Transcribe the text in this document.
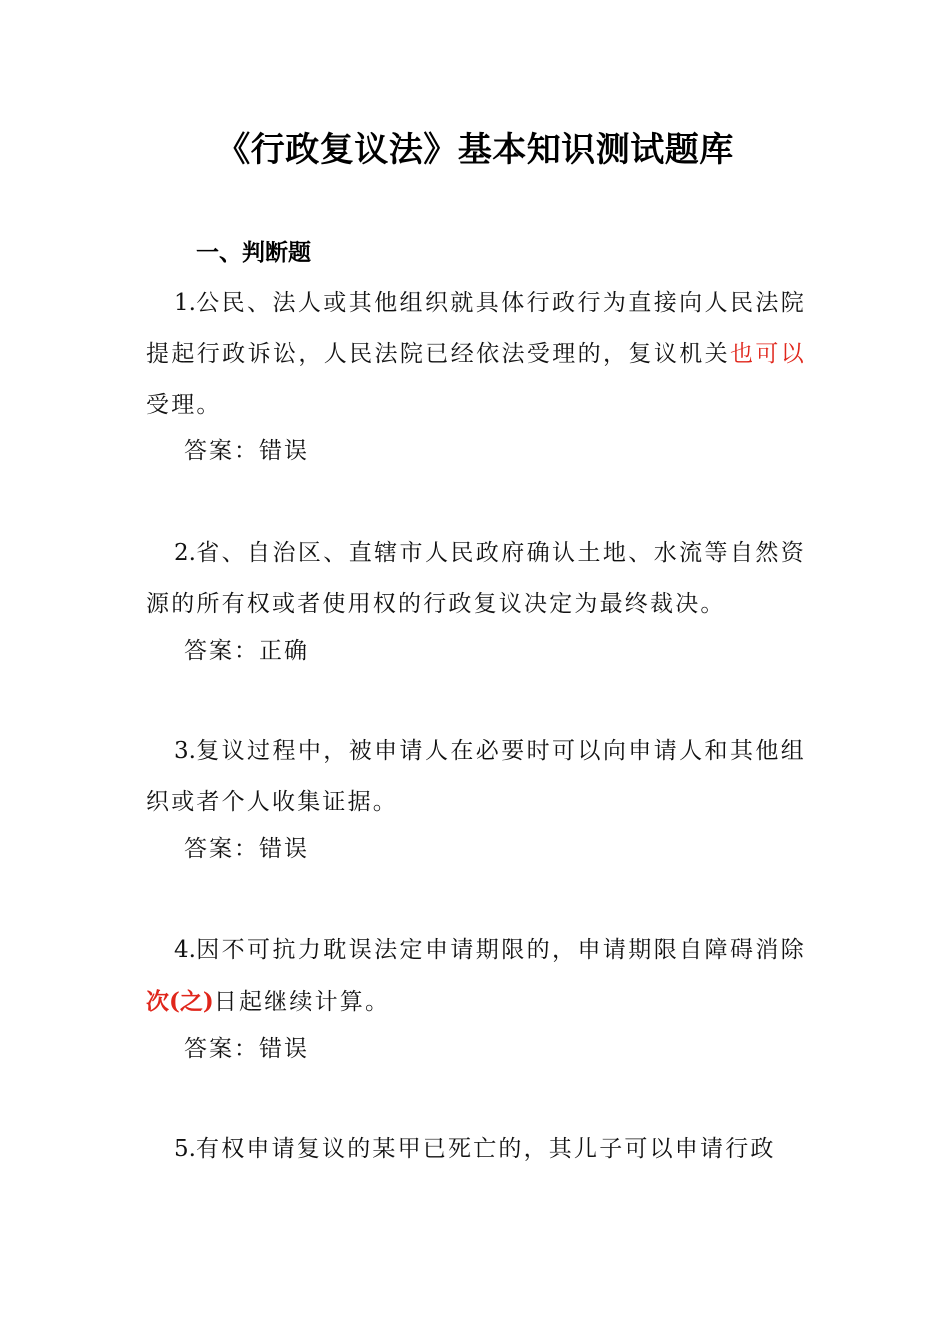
《行政复议法》基本知识测试题库
一、判断题
1.公民、法人或其他组织就具体行政行为直接向人民法院提起行政诉讼，人民法院已经依法受理的，复议机关也可以受理。
答案：错误
2.省、自治区、直辖市人民政府确认土地、水流等自然资源的所有权或者使用权的行政复议决定为最终裁决。
答案：正确
3.复议过程中，被申请人在必要时可以向申请人和其他组织或者个人收集证据。
答案：错误
4.因不可抗力耽误法定申请期限的，申请期限自障碍消除次(之)日起继续计算。
答案：错误
5.有权申请复议的某甲已死亡的，其儿子可以申请行政
